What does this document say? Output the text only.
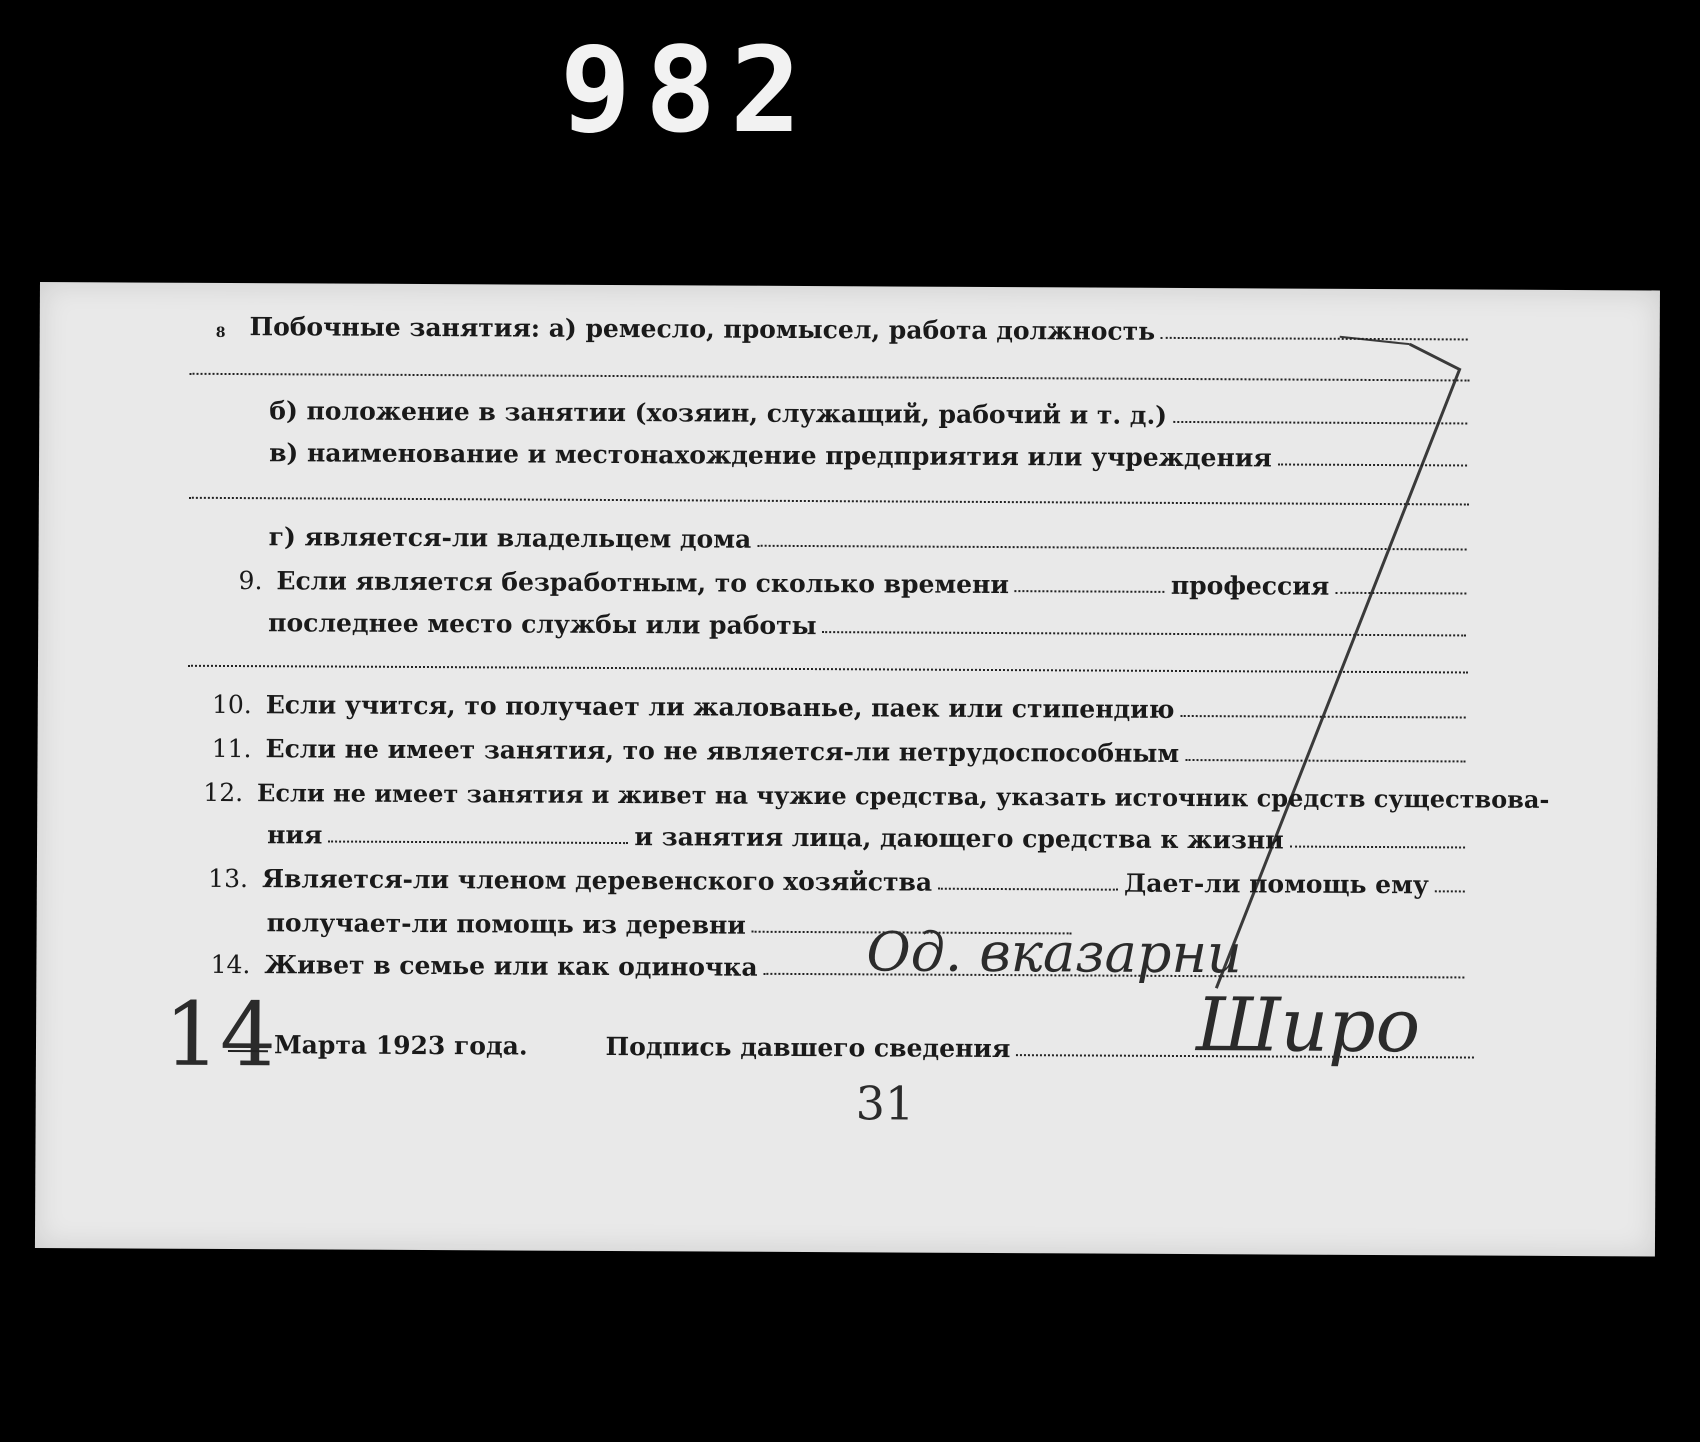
982
8 Побочные занятия: а) ремесло, промысел, работа должность
б) положение в занятии (хозяин, служащий, рабочий и т. д.)
в) наименование и местонахождение предприятия или учреждения
г) является-ли владельцем дома
9. Если является безработным, то сколько времени	профессия
последнее место службы или работы
10. Если учится, то получает ли жалованье, паек или стипендию
11. Если не имеет занятия, то не является-ли нетрудоспособным
12. Если не имеет занятия и живет на чужие средства, указать источник средств существова-
ния	и занятия лица, дающего средства к жизни
13. Является-ли членом деревенского хозяйства	Дает-ли помощь ему
получает-ли помощь из деревни
14. Живет в семье или как одиночка Од. вказарни
14
Марта 1923 года.	Подпись давшего сведения	Широ
31
